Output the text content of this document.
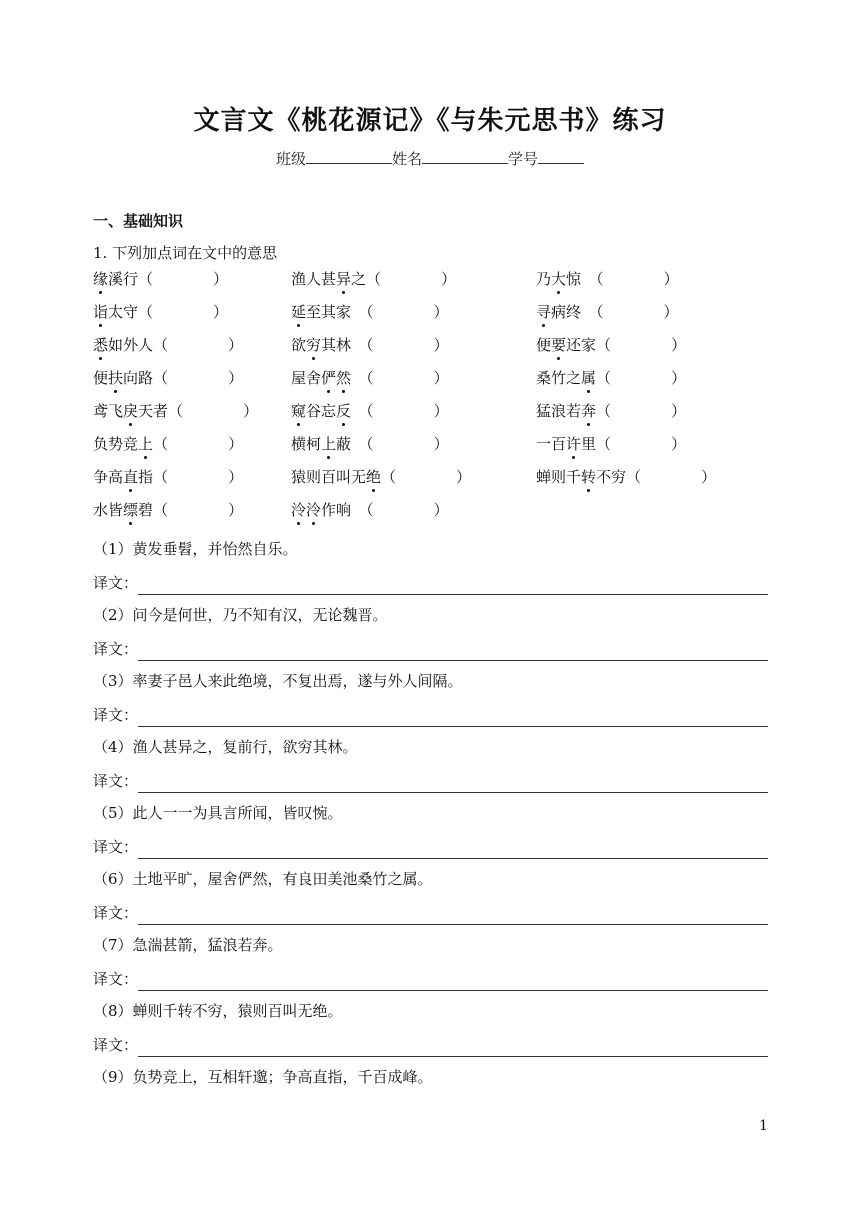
文言文《桃花源记》《与朱元思书》练习
班级	姓名	学号
一、基础知识
1. 下列加点词在文中的意思
缘溪行（　　　　	）	渔人甚异之（　　　　	）	乃大惊　（　　　　	）
诣太守（　　　　	）	延至其家　（　　　　	）	寻病终　（　　　　	）
悉如外人（　　　　	）	欲穷其林　（　　　　	）	便要还家（　　　　	）
便扶向路（　　　　	）	屋舍俨然　（　　　　	）	桑竹之属（　　　　	）
鸢飞戾天者（　　　　	） 窥谷忘反　（　　　　	）	猛浪若奔（　　　　	）
负势竞上（　　　　	）	横柯上蔽　（　　　　	）	一百许里（　　　　	）
争高直指（　　　　	）	猿则百叫无绝（　　　　	）	蝉则千转不穷（　　　　	）
水皆缥碧（　　　　	）	泠泠作响　（　　　　	）
（1）黄发垂髫，并怡然自乐。
译文：
（2）问今是何世，乃不知有汉，无论魏晋。
译文：
（3）率妻子邑人来此绝境，不复出焉，遂与外人间隔。
译文：
（4）渔人甚异之，复前行，欲穷其林。
译文：
（5）此人一一为具言所闻，皆叹惋。
译文：
（6）土地平旷，屋舍俨然，有良田美池桑竹之属。
译文：
（7）急湍甚箭，猛浪若奔。
译文：
（8）蝉则千转不穷，猿则百叫无绝。
译文：
（9）负势竞上，互相轩邈；争高直指，千百成峰。
1
